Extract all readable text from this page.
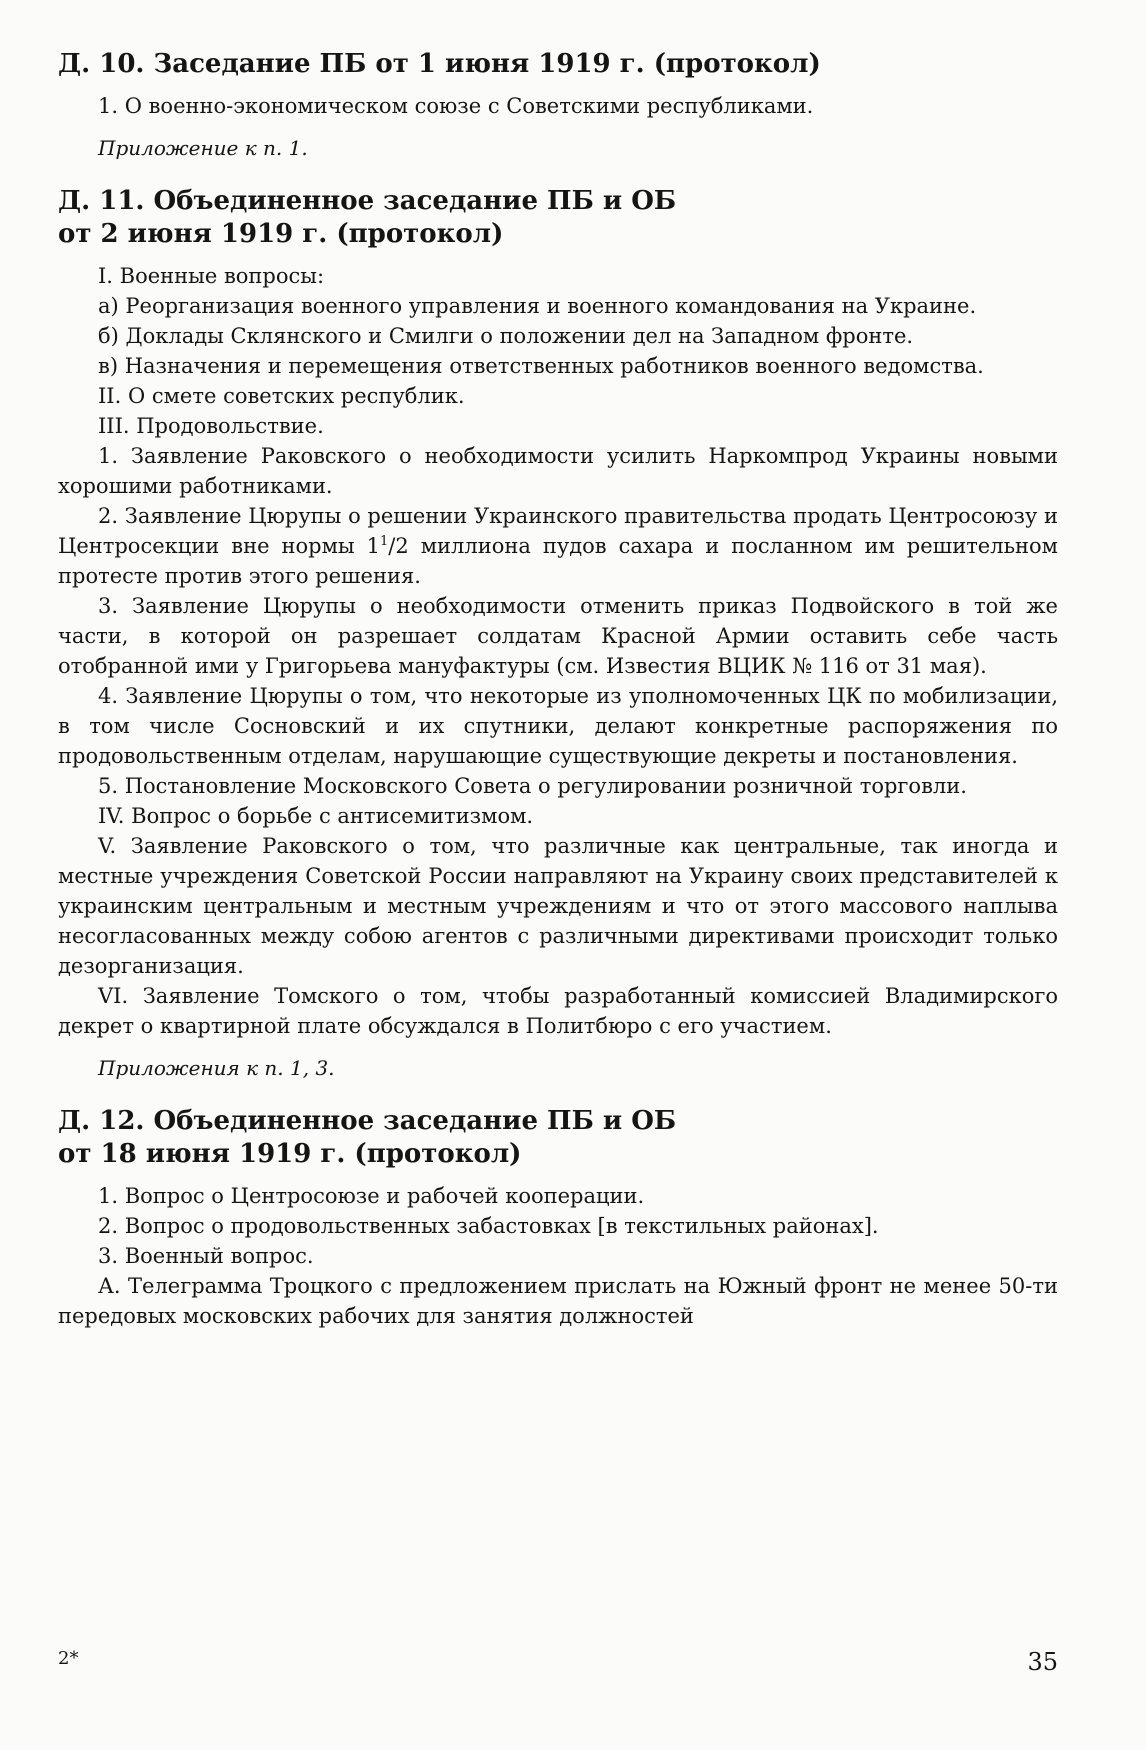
Д. 10. Заседание ПБ от 1 июня 1919 г. (протокол)

1. О военно-экономическом союзе с Советскими республиками.

Приложение к п. 1.

Д. 11. Объединенное заседание ПБ и ОБ
от 2 июня 1919 г. (протокол)

I. Военные вопросы:

а) Реорганизация военного управления и военного командования на Украине.

б) Доклады Склянского и Смилги о положении дел на Западном фронте.

в) Назначения и перемещения ответственных работников военного ведомства.

II. О смете советских республик.

III. Продовольствие.

1. Заявление Раковского о необходимости усилить Наркомпрод Украины новыми хорошими работниками.

2. Заявление Цюрупы о решении Украинского правительства продать Центросоюзу и Центросекции вне нормы $1^1/2$ миллиона пудов сахара и посланном им решительном протесте против этого решения.

3. Заявление Цюрупы о необходимости отменить приказ Подвойского в той же части, в которой он разрешает солдатам Красной Армии оставить себе часть отобранной ими у Григорьева мануфактуры (см. Известия ВЦИК № 116 от 31 мая).

4. Заявление Цюрупы о том, что некоторые из уполномоченных ЦК по мобилизации, в том числе Сосновский и их спутники, делают конкретные распоряжения по продовольственным отделам, нарушающие существующие декреты и постановления.

5. Постановление Московского Совета о регулировании розничной торговли.

IV. Вопрос о борьбе с антисемитизмом.

V. Заявление Раковского о том, что различные как центральные, так иногда и местные учреждения Советской России направляют на Украину своих представителей к украинским центральным и местным учреждениям и что от этого массового наплыва несогласованных между собою агентов с различными директивами происходит только дезорганизация.

VI. Заявление Томского о том, чтобы разработанный комиссией Владимирского декрет о квартирной плате обсуждался в Политбюро с его участием.

Приложения к п. 1, 3.

Д. 12. Объединенное заседание ПБ и ОБ
от 18 июня 1919 г. (протокол)

1. Вопрос о Центросоюзе и рабочей кооперации.

2. Вопрос о продовольственных забастовках [в текстильных районах].

3. Военный вопрос.

А. Телеграмма Троцкого с предложением прислать на Южный фронт не менее 50-ти передовых московских рабочих для занятия должностей

2*	35
